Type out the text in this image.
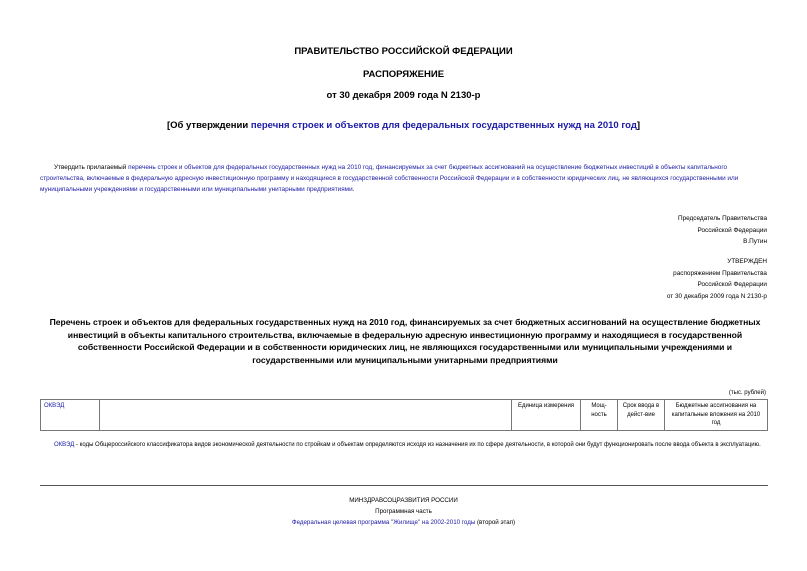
ПРАВИТЕЛЬСТВО РОССИЙСКОЙ ФЕДЕРАЦИИ
РАСПОРЯЖЕНИЕ
от 30 декабря 2009 года N 2130-р
[Об утверждении перечня строек и объектов для федеральных государственных нужд на 2010 год]
Утвердить прилагаемый перечень строек и объектов для федеральных государственных нужд на 2010 год, финансируемых за счет бюджетных ассигнований на осуществление бюджетных инвестиций в объекты капитального строительства, включаемые в федеральную адресную инвестиционную программу и находящиеся в государственной собственности Российской Федерации и в собственности юридических лиц, не являющихся государственными или муниципальными учреждениями и государственными или муниципальными унитарными предприятиями.
Председатель Правительства
Российской Федерации
В.Путин
УТВЕРЖДЕН
распоряжением Правительства
Российской Федерации
от 30 декабря 2009 года N 2130-р
Перечень строек и объектов для федеральных государственных нужд на 2010 год, финансируемых за счет бюджетных ассигнований на осуществление бюджетных инвестиций в объекты капитального строительства, включаемые в федеральную адресную инвестиционную программу и находящиеся в государственной собственности Российской Федерации и в собственности юридических лиц, не являющихся государственными или муниципальными учреждениями и государственными или муниципальными унитарными предприятиями
(тыс. рублей)
ОКВЭД		Единица измерения	Мощ-ность	Срок ввода в дейст-вие	Бюджетные ассигнования на капитальные вложения на 2010 год
ОКВЭД - коды Общероссийского классификатора видов экономической деятельности по стройкам и объектам определяются исходя из назначения их по сфере деятельности, в которой они будут функционировать после ввода объекта в эксплуатацию.
МИНЗДРАВСОЦРАЗВИТИЯ РОССИИ
Программная часть
Федеральная целевая программа "Жилище" на 2002-2010 годы (второй этап)
